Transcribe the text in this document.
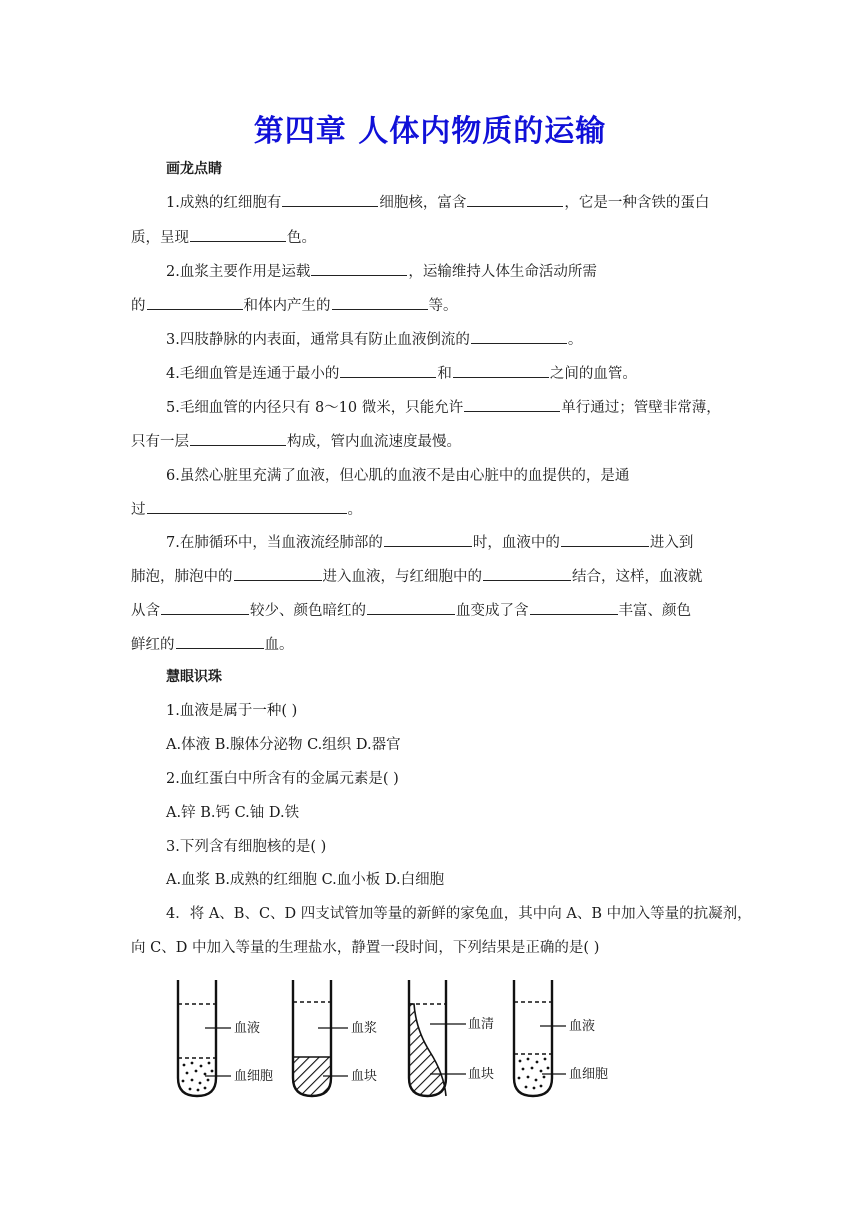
第四章 人体内物质的运输
画龙点睛
1.成熟的红细胞有	细胞核，富含	，它是一种含铁的蛋白
质，呈现	色。
2.血浆主要作用是运载	，运输维持人体生命活动所需
的	和体内产生的	等。
3.四肢静脉的内表面，通常具有防止血液倒流的	。
4.毛细血管是连通于最小的	和	之间的血管。
5.毛细血管的内径只有 8～10 微米，只能允许	单行通过；管壁非常薄，
只有一层	构成，管内血流速度最慢。
6.虽然心脏里充满了血液，但心肌的血液不是由心脏中的血提供的，是通
过	。
7.在肺循环中，当血液流经肺部的	时，血液中的	进入到
肺泡，肺泡中的	进入血液，与红细胞中的	结合，这样，血液就
从含	较少、颜色暗红的	血变成了含	丰富、颜色
鲜红的	血。
慧眼识珠
1.血液是属于一种( )
A.体液 B.腺体分泌物 C.组织 D.器官
2.血红蛋白中所含有的金属元素是( )
A.锌 B.钙 C.铀 D.铁
3.下列含有细胞核的是( )
A.血浆 B.成熟的红细胞 C.血小板 D.白细胞
4．将 A、B、C、D 四支试管加等量的新鲜的家兔血，其中向 A、B 中加入等量的抗凝剂，
向 C、D 中加入等量的生理盐水，静置一段时间，下列结果是正确的是( )
血液
血细胞
血浆
血块
血清
血块
血液
血细胞
